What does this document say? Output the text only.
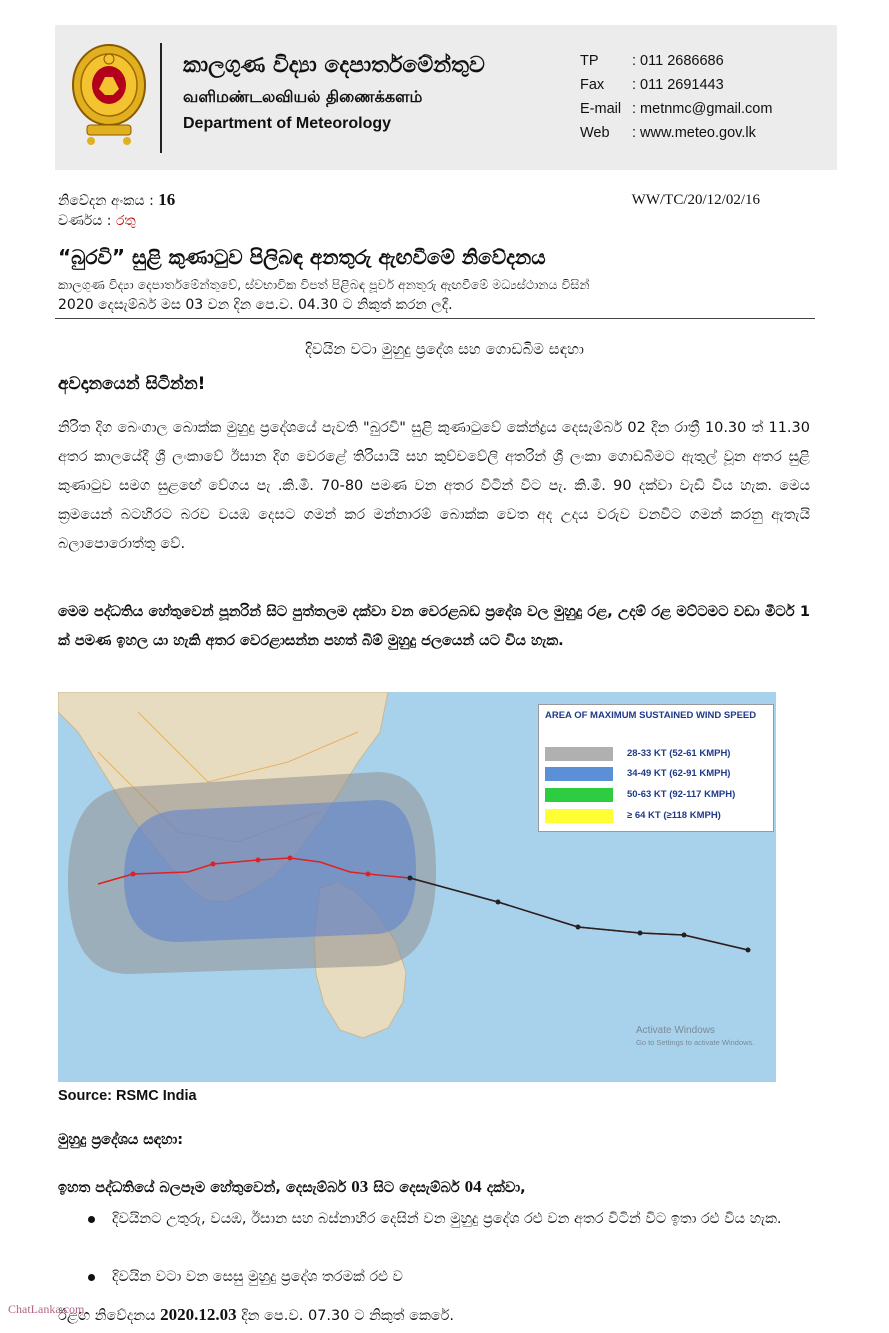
කාලගුණ විද්‍යා දෙපාර්තමේන්තුව
வளிமண்டலவியல் திணைக்களம்
Department of Meteorology
TP : 011 2686686
Fax : 011 2691443
E-mail : metnmc@gmail.com
Web : www.meteo.gov.lk
නිවේදන අංකය : 16
වර්ණය : රතු
WW/TC/20/12/02/16
“බුරවි” සුළි කුණාටුව පිලිබඳ අනතුරු ඇඟවීමේ නිවේදනය
කාලගුණ විද්‍යා දෙපාර්තමේන්තුවේ, ස්වභාවික විපත් පිළිබඳ පූර්ව අනතුරු ඇඟවීමේ මධ්‍යස්ථානය විසින්
2020 දෙසැම්බර් මස 03 වන දින පෙ.ව. 04.30 ට නිකුත් කරන ලදී.
දිවයින වටා මුහුදු ප්‍රදේශ සහ ගොඩබිම සඳහා
අවදානයෙන් සිටින්න!
නිරිත දිග බෙංගාල බොක්ක මුහුදු ප්‍රදේශයේ පැවති "බුරවි" සුළි කුණාටුවේ කේන්ද්‍රය දෙසැම්බර් 02 දින රාත්‍රී 10.30 ත් 11.30 අතර කාලයේදී ශ්‍රී ලංකාවේ ඊසාන දිග වෙරළේ තිරියායි සහ කුච්චවේලි අතරින් ශ්‍රී ලංකා ගොඩබිමට ඇතුල් වූන අතර සුළි කුණාටුව සමග සුළඟේ වේගය පැ .කි.මී. 70-80 පමණ වන අතර විටින් විට පැ. කි.මී. 90 දක්වා වැඩි විය හැක. මෙය ක්‍රමයෙන් බටහිරට බරව වයඹ දෙසට ගමන් කර මන්නාරම් බොක්ක වෙත අද උදය වරුව වනවිට ගමන් කරනු ඇතැයි බලාපොරොත්තු වේ.
මෙම පද්ධතිය හේතුවෙන් පූනරින් සිට පුත්තලම දක්වා වන වෙරළබඩ ප්‍රදේශ වල මුහුදු රළ, උදම් රළ මට්ටමට වඩා මීටර් 1 ක් පමණ ඉහල යා හැකි අතර වෙරළාසන්න පහත් බිම් මුහුදු ජලයෙන් යට විය හැක.
AREA OF MAXIMUM SUSTAINED WIND SPEED
28-33 KT (52-61 KMPH)
34-49 KT (62-91 KMPH)
50-63 KT (92-117 KMPH)
≥ 64 KT (≥118 KMPH)
Activate Windows
Go to Settings to activate Windows.
Source: RSMC India
මුහුදු ප්‍රදේශය සඳහා:
ඉහත පද්ධතියේ බලපෑම හේතුවෙන්, දෙසැම්බර් 03 සිට දෙසැම්බර් 04 දක්වා,
දිවයිනට උතුරු, වයඹ, ඊසාන සහ බස්නාහිර දෙසින් වන මුහුදු ප්‍රදේශ රළු වන අතර විටින් විට ඉතා රළු විය හැක.
දිවයින වටා වන සෙසු මුහුදු ප්‍රදේශ තරමක් රළු ව
ඊළඟ නිවේදනය 2020.12.03 දින පෙ.ව. 07.30 ට නිකුත් කෙරේ.
ChatLanka.com
